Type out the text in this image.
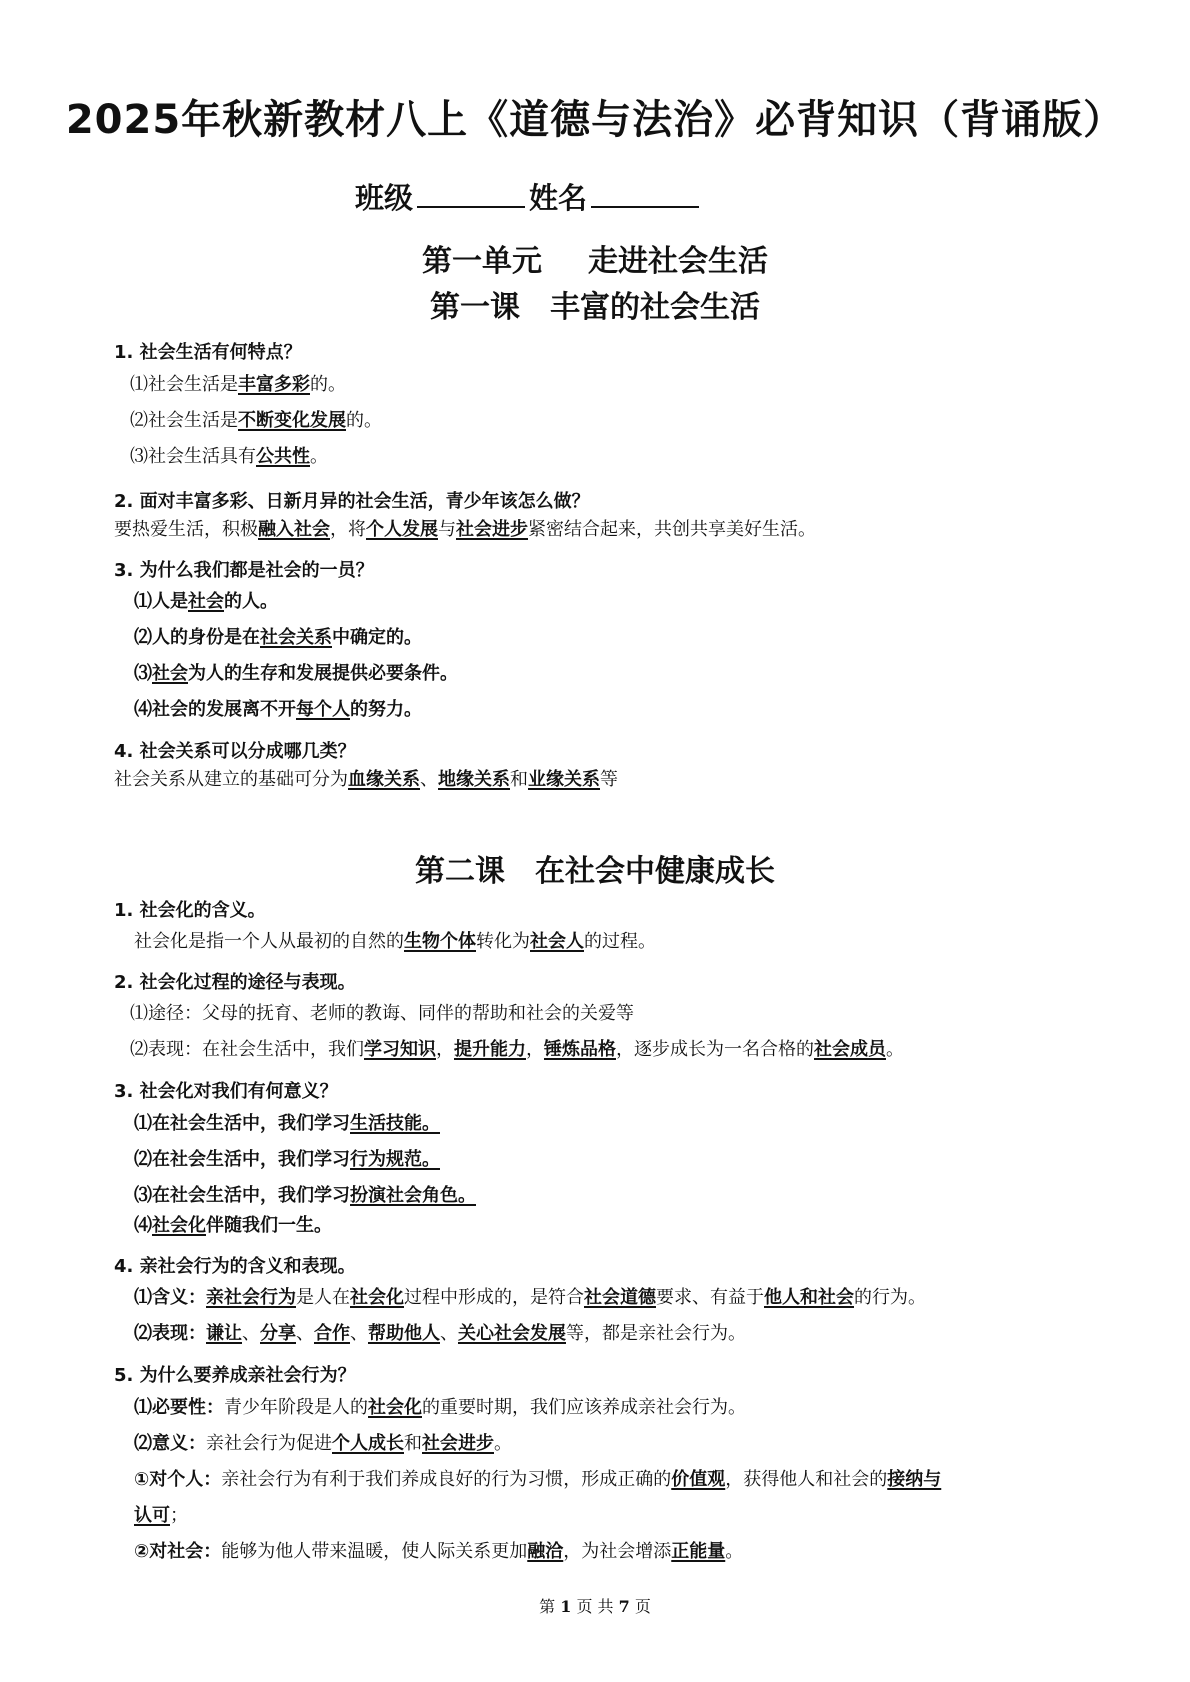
2025年秋新教材八上《道德与法治》必背知识（背诵版）
班级	姓名
第一单元 走进社会生活
第一课 丰富的社会生活
1. 社会生活有何特点？
⑴社会生活是丰富多彩的。
⑵社会生活是不断变化发展的。
⑶社会生活具有公共性。
2. 面对丰富多彩、日新月异的社会生活，青少年该怎么做？
要热爱生活，积极融入社会，将个人发展与社会进步紧密结合起来，共创共享美好生活。
3. 为什么我们都是社会的一员？
⑴人是社会的人。
⑵人的身份是在社会关系中确定的。
⑶社会为人的生存和发展提供必要条件。
⑷社会的发展离不开每个人的努力。
4. 社会关系可以分成哪几类？
社会关系从建立的基础可分为血缘关系、地缘关系和业缘关系等
第二课 在社会中健康成长
1. 社会化的含义。
社会化是指一个人从最初的自然的生物个体转化为社会人的过程。
2. 社会化过程的途径与表现。
⑴途径：父母的抚育、老师的教诲、同伴的帮助和社会的关爱等
⑵表现：在社会生活中，我们学习知识，提升能力，锤炼品格，逐步成长为一名合格的社会成员。
3. 社会化对我们有何意义？
⑴在社会生活中，我们学习生活技能。
⑵在社会生活中，我们学习行为规范。
⑶在社会生活中，我们学习扮演社会角色。
⑷社会化伴随我们一生。
4. 亲社会行为的含义和表现。
⑴含义：亲社会行为是人在社会化过程中形成的，是符合社会道德要求、有益于他人和社会的行为。
⑵表现：谦让、分享、合作、帮助他人、关心社会发展等，都是亲社会行为。
5. 为什么要养成亲社会行为？
⑴必要性：青少年阶段是人的社会化的重要时期，我们应该养成亲社会行为。
⑵意义：亲社会行为促进个人成长和社会进步。
①对个人：亲社会行为有利于我们养成良好的行为习惯，形成正确的价值观，获得他人和社会的接纳与
认可；
②对社会：能够为他人带来温暖，使人际关系更加融洽，为社会增添正能量。
第 1 页 共 7 页
